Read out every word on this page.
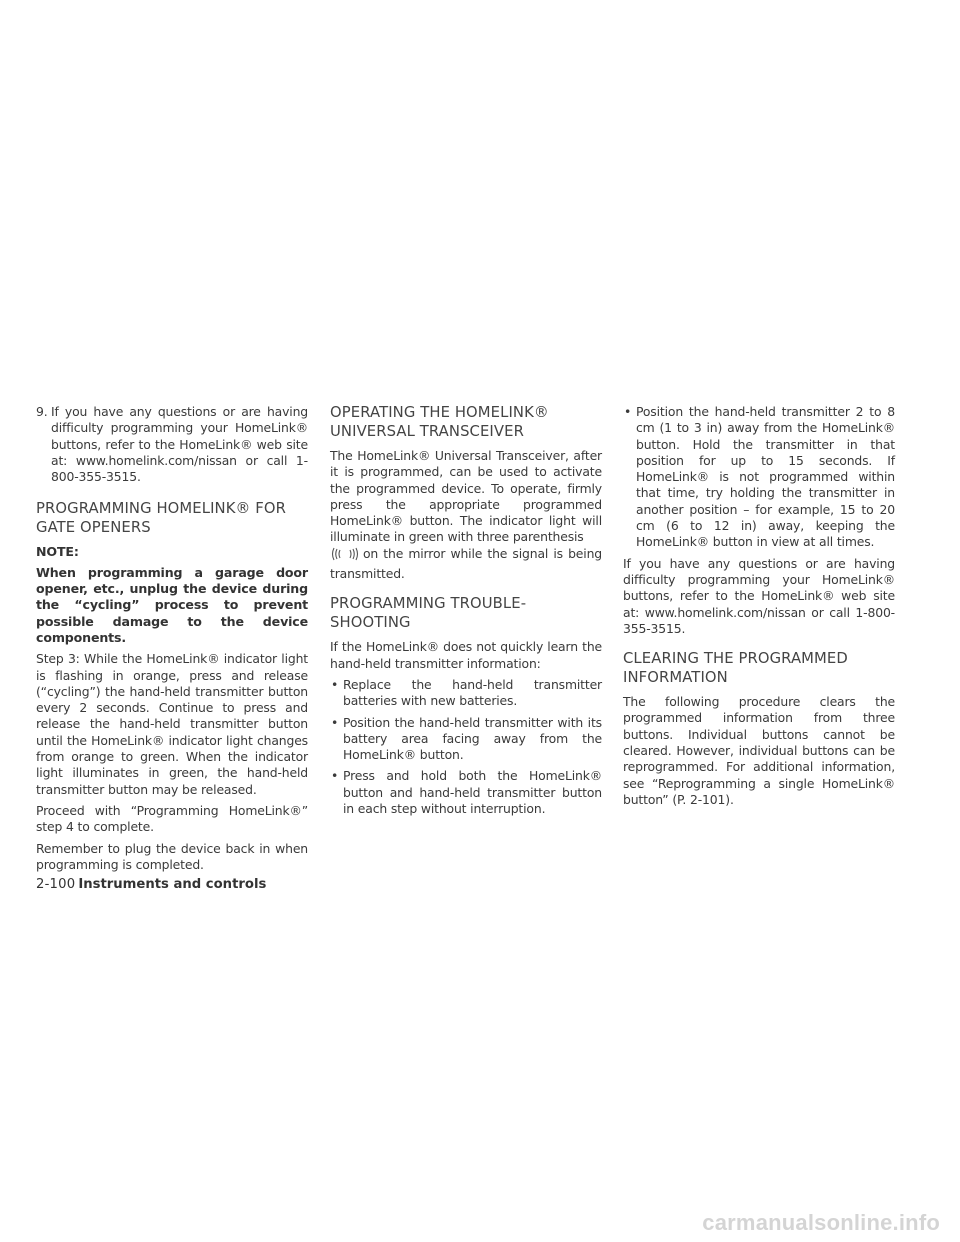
9. If you have any questions or are having difficulty programming your HomeLink® buttons, refer to the HomeLink® web site at: www.homelink.com/nissan or call 1-800-355-3515.
PROGRAMMING HOMELINK® FOR GATE OPENERS
NOTE:
When programming a garage door opener, etc., unplug the device during the “cycling” process to prevent possible damage to the device components.

Step 3: While the HomeLink® indicator light is flashing in orange, press and release (“cycling”) the hand-held transmitter button every 2 seconds. Continue to press and release the hand-held transmitter button until the HomeLink® indicator light changes from orange to green. When the indicator light illuminates in green, the hand-held transmitter button may be released.

Proceed with “Programming HomeLink®” step 4 to complete.

Remember to plug the device back in when programming is completed.

OPERATING THE HOMELINK® UNIVERSAL TRANSCEIVER

The HomeLink® Universal Transceiver, after it is programmed, can be used to activate the programmed device. To operate, firmly press the appropriate programmed HomeLink® button. The indicator light will illuminate in green with three parenthesis
on the mirror while the signal is being transmitted.

PROGRAMMING TROUBLE-SHOOTING

If the HomeLink® does not quickly learn the hand-held transmitter information:

• Replace the hand-held transmitter batteries with new batteries.
• Position the hand-held transmitter with its battery area facing away from the HomeLink® button.
• Press and hold both the HomeLink® button and hand-held transmitter button in each step without interruption.
• Position the hand-held transmitter 2 to 8 cm (1 to 3 in) away from the HomeLink® button. Hold the transmitter in that position for up to 15 seconds. If HomeLink® is not programmed within that time, try holding the transmitter in another position – for example, 15 to 20 cm (6 to 12 in) away, keeping the HomeLink® button in view at all times.

If you have any questions or are having difficulty programming your HomeLink® buttons, refer to the HomeLink® web site at: www.homelink.com/nissan or call 1-800-355-3515.

CLEARING THE PROGRAMMED INFORMATION

The following procedure clears the programmed information from three buttons. Individual buttons cannot be cleared. However, individual buttons can be reprogrammed. For additional information, see “Reprogramming a single HomeLink® button” (P. 2-101).

2-100 Instruments and controls
carmanualsonline.info
